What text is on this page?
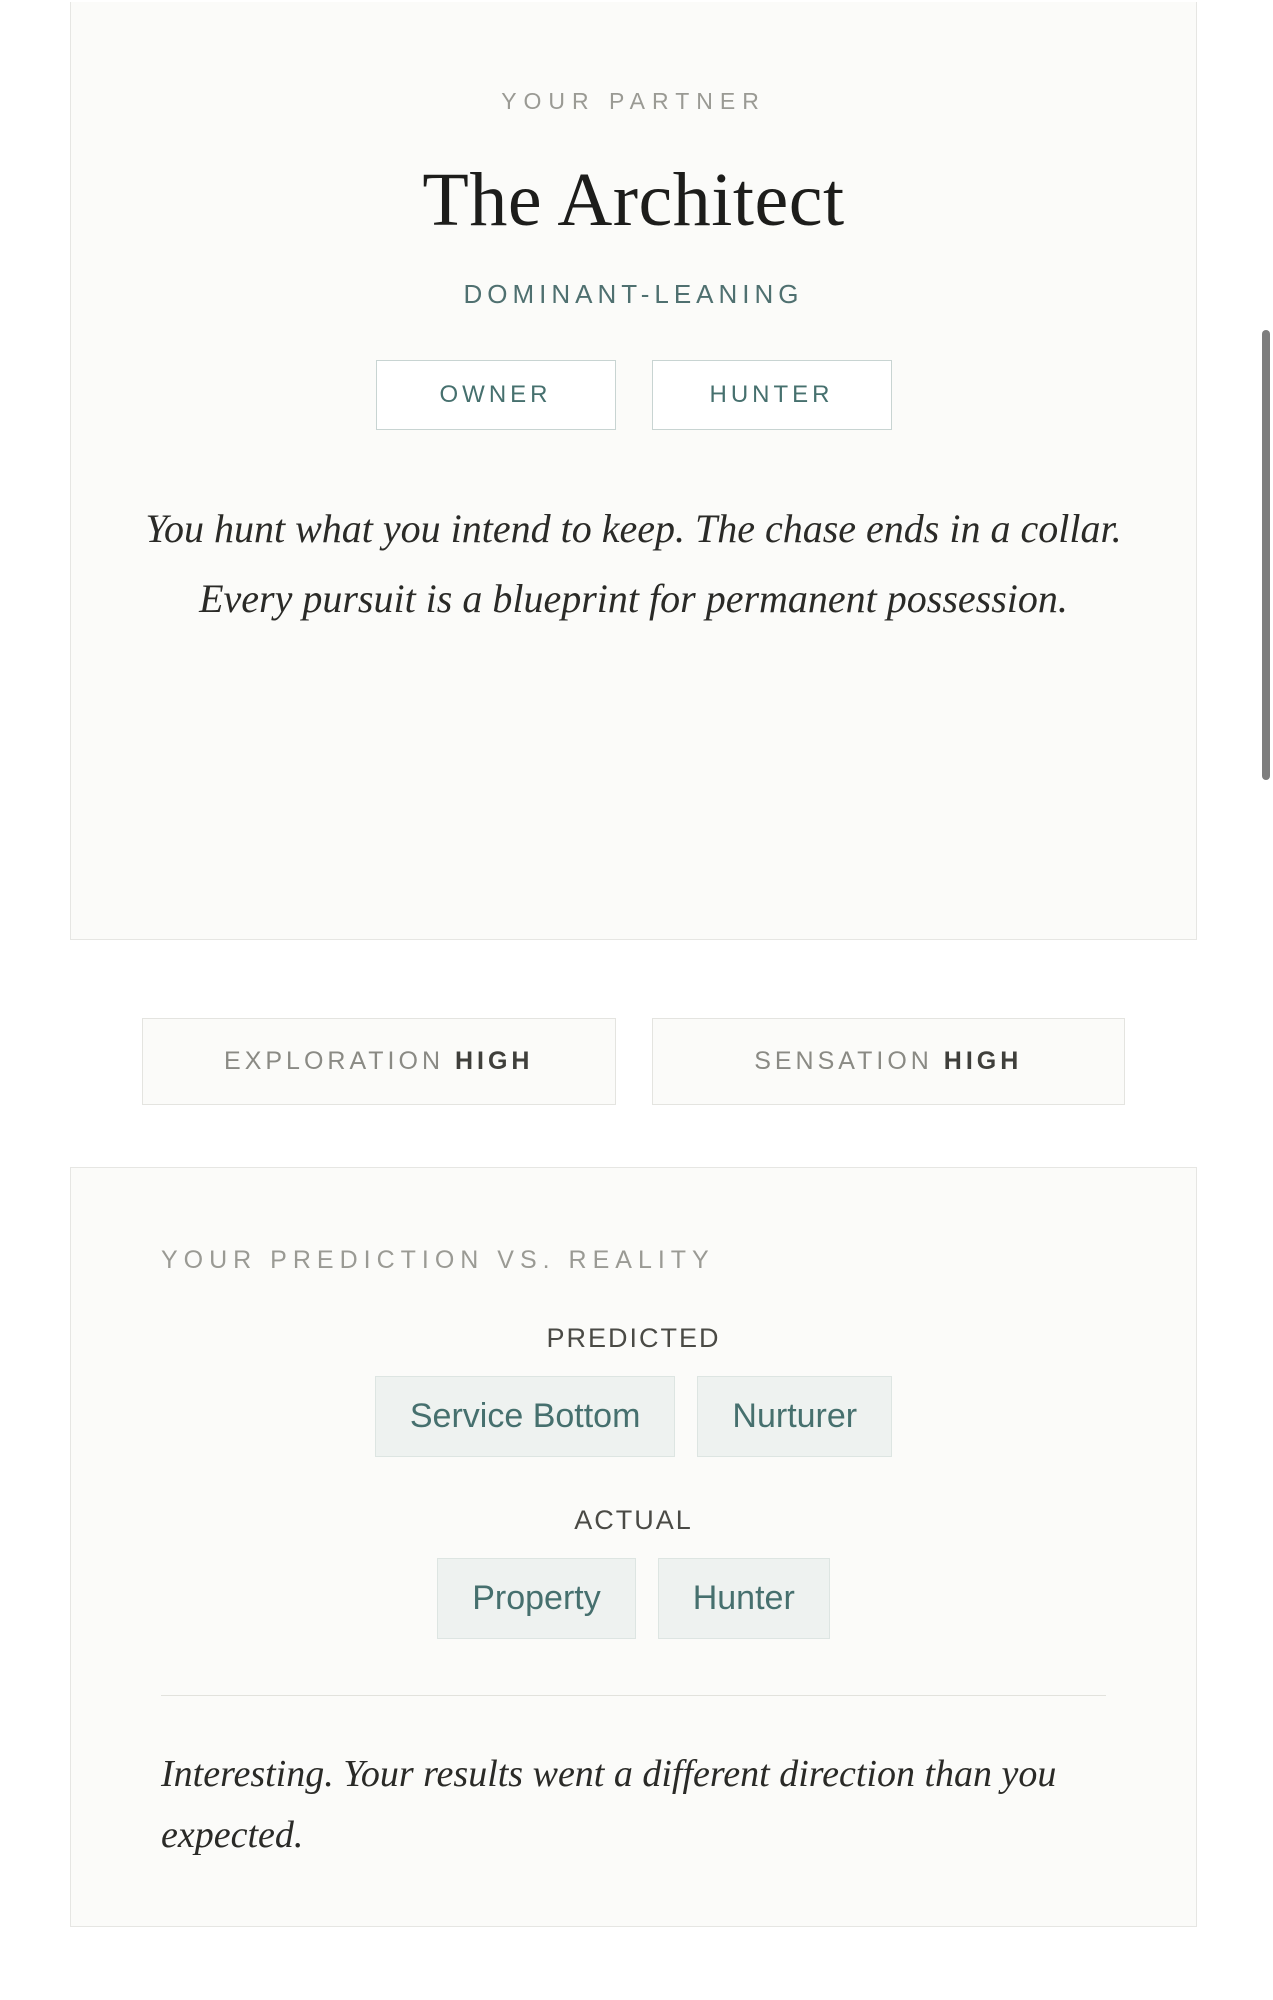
YOUR PARTNER
The Architect
DOMINANT-LEANING
OWNER	HUNTER

You hunt what you intend to keep. The chase ends in a collar. Every pursuit is a blueprint for permanent possession.

EXPLORATION HIGH	SENSATION HIGH
YOUR PREDICTION VS. REALITY
PREDICTED
Service Bottom	Nurturer
ACTUAL
Property	Hunter

Interesting. Your results went a different direction than you expected.
